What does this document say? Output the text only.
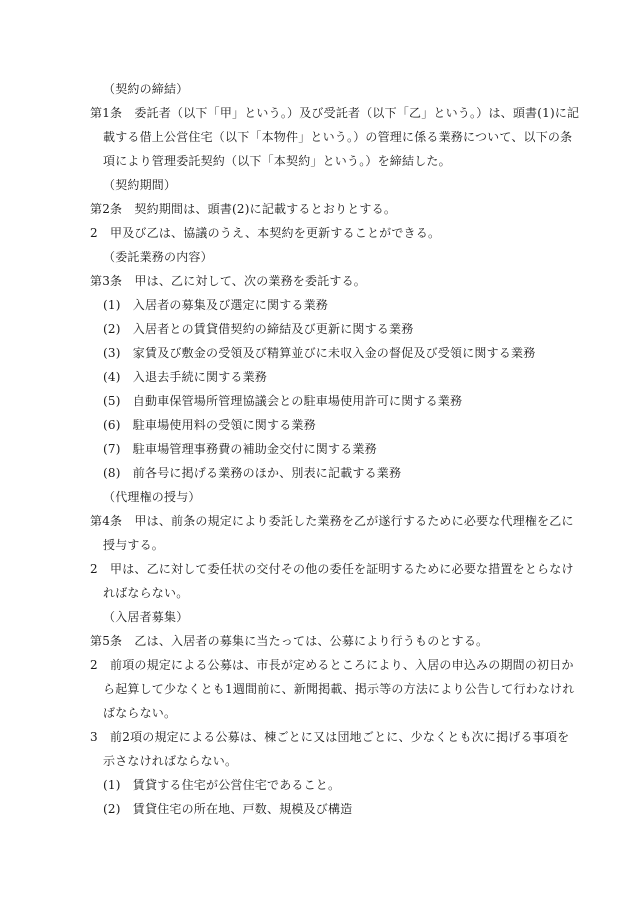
（契約の締結）
第1条　委託者（以下「甲」という。）及び受託者（以下「乙」という。）は、頭書(1)に記
載する借上公営住宅（以下「本物件」という。）の管理に係る業務について、以下の条
項により管理委託契約（以下「本契約」という。）を締結した。
（契約期間）
第2条　契約期間は、頭書(2)に記載するとおりとする。
2　甲及び乙は、協議のうえ、本契約を更新することができる。
（委託業務の内容）
第3条　甲は、乙に対して、次の業務を委託する。
(1)　入居者の募集及び選定に関する業務
(2)　入居者との賃貸借契約の締結及び更新に関する業務
(3)　家賃及び敷金の受領及び精算並びに未収入金の督促及び受領に関する業務
(4)　入退去手続に関する業務
(5)　自動車保管場所管理協議会との駐車場使用許可に関する業務
(6)　駐車場使用料の受領に関する業務
(7)　駐車場管理事務費の補助金交付に関する業務
(8)　前各号に掲げる業務のほか、別表に記載する業務
（代理権の授与）
第4条　甲は、前条の規定により委託した業務を乙が遂行するために必要な代理権を乙に
授与する。
2　甲は、乙に対して委任状の交付その他の委任を証明するために必要な措置をとらなけ
ればならない。
（入居者募集）
第5条　乙は、入居者の募集に当たっては、公募により行うものとする。
2　前項の規定による公募は、市長が定めるところにより、入居の申込みの期間の初日か
ら起算して少なくとも1週間前に、新聞掲載、掲示等の方法により公告して行わなけれ
ばならない。
3　前2項の規定による公募は、棟ごとに又は団地ごとに、少なくとも次に掲げる事項を
示さなければならない。
(1)　賃貸する住宅が公営住宅であること。
(2)　賃貸住宅の所在地、戸数、規模及び構造
